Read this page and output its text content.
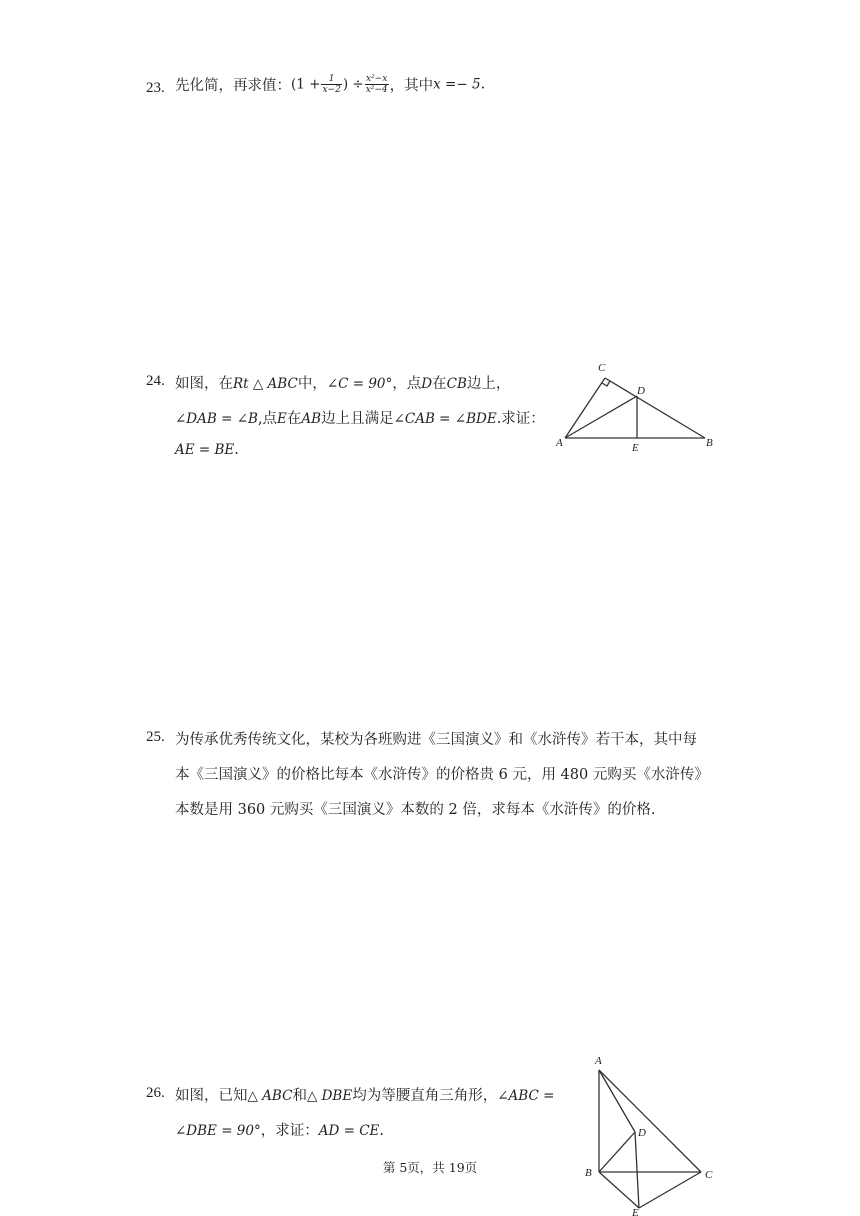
23. 先化简，再求值：($1 + \frac{1}{x-2}$ ) ÷ $\frac{\text{x²−x}}{\text{x²−4}}$ ，其中x =− 5.
24. 如图，在Rt △ ABC中，∠C = 90°，点D在CB边上，
∠DAB = ∠B,点E在AB边上且满足∠CAB = ∠BDE.求证：
AE = BE.
C
D
A	E	B
25. 为传承优秀传统文化，某校为各班购进《三国演义》和《水浒传》若干本，其中每
本《三国演义》的价格比每本《水浒传》的价格贵 6 元，用 480 元购买《水浒传》
本数是用 360 元购买《三国演义》本数的 2 倍，求每本《水浒传》的价格.
26. 如图，已知△ ABC和△ DBE均为等腰直角三角形，∠ABC =
∠DBE = 90°，求证：AD = CE.
A
D
B	C
E
第 5页，共 19页
